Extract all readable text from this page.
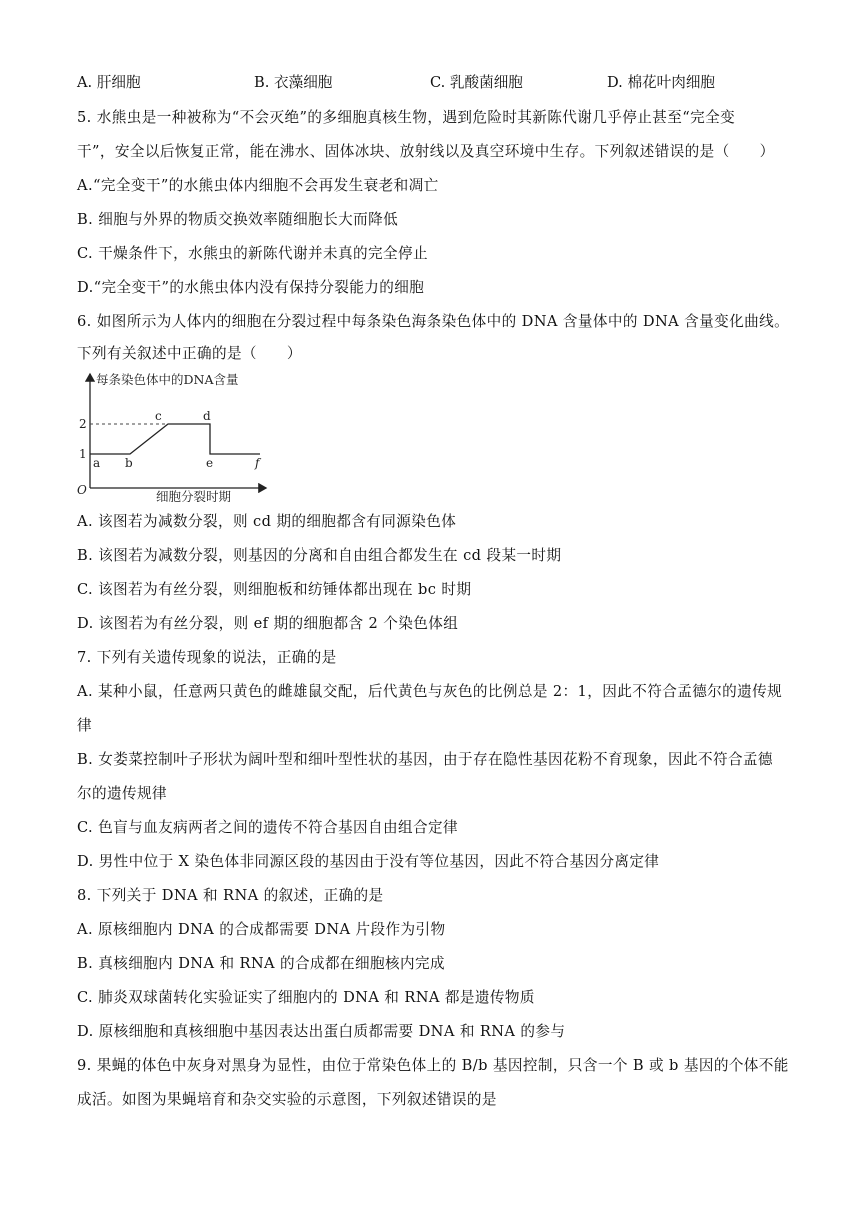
A. 肝细胞	B. 衣藻细胞	C. 乳酸菌细胞	D. 棉花叶肉细胞
5. 水熊虫是一种被称为“不会灭绝”的多细胞真核生物，遇到危险时其新陈代谢几乎停止甚至“完全变
干”，安全以后恢复正常，能在沸水、固体冰块、放射线以及真空环境中生存。下列叙述错误的是（　　）
A.“完全变干”的水熊虫体内细胞不会再发生衰老和凋亡
B. 细胞与外界的物质交换效率随细胞长大而降低
C. 干燥条件下，水熊虫的新陈代谢并未真的完全停止
D.“完全变干”的水熊虫体内没有保持分裂能力的细胞
6. 如图所示为人体内的细胞在分裂过程中每条染色海条染色体中的 DNA 含量体中的 DNA 含量变化曲线。
下列有关叙述中正确的是（　　）
每条染色体中的DNA含量
细胞分裂时期
O
2
1
a b
c	d
e	f
A. 该图若为减数分裂，则 cd 期的细胞都含有同源染色体
B. 该图若为减数分裂，则基因的分离和自由组合都发生在 cd 段某一时期
C. 该图若为有丝分裂，则细胞板和纺锤体都出现在 bc 时期
D. 该图若为有丝分裂，则 ef 期的细胞都含 2 个染色体组
7. 下列有关遗传现象的说法，正确的是
A. 某种小鼠，任意两只黄色的雌雄鼠交配，后代黄色与灰色的比例总是 2：1，因此不符合孟德尔的遗传规
律
B. 女娄菜控制叶子形状为阔叶型和细叶型性状的基因，由于存在隐性基因花粉不育现象，因此不符合孟德
尔的遗传规律
C. 色盲与血友病两者之间的遗传不符合基因自由组合定律
D. 男性中位于 X 染色体非同源区段的基因由于没有等位基因，因此不符合基因分离定律
8. 下列关于 DNA 和 RNA 的叙述，正确的是
A. 原核细胞内 DNA 的合成都需要 DNA 片段作为引物
B. 真核细胞内 DNA 和 RNA 的合成都在细胞核内完成
C. 肺炎双球菌转化实验证实了细胞内的 DNA 和 RNA 都是遗传物质
D. 原核细胞和真核细胞中基因表达出蛋白质都需要 DNA 和 RNA 的参与
9. 果蝇的体色中灰身对黑身为显性，由位于常染色体上的 B/b 基因控制，只含一个 B 或 b 基因的个体不能
成活。如图为果蝇培育和杂交实验的示意图，下列叙述错误的是
